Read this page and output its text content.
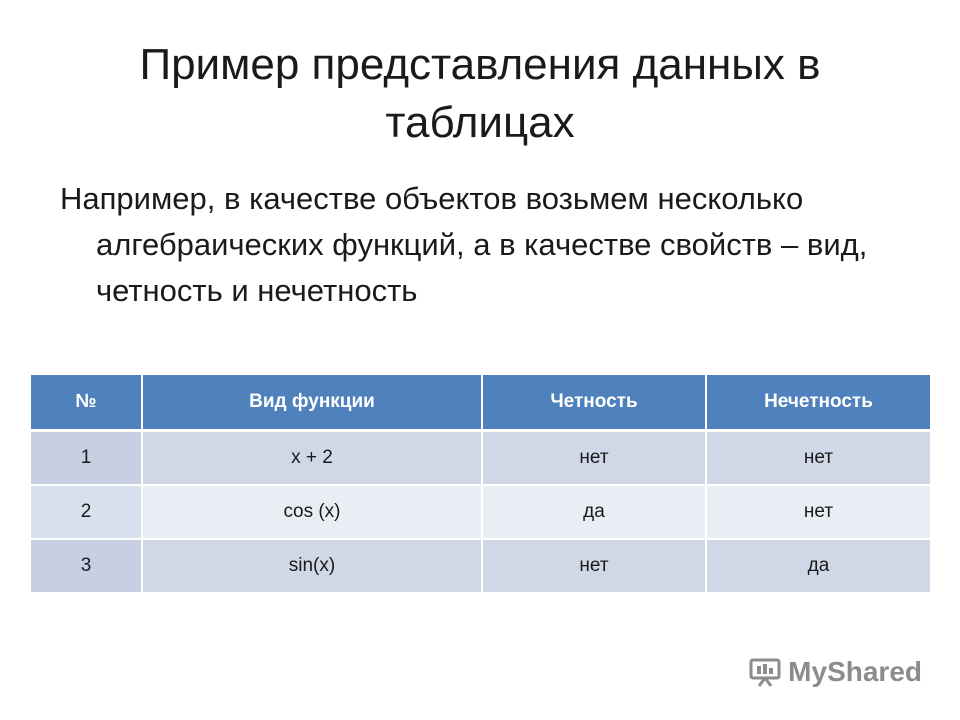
Пример представления данных в таблицах
Например, в качестве объектов возьмем несколько алгебраических функций, а в качестве свойств – вид, четность и нечетность
№	Вид функции	Четность	Нечетность
1	x + 2	нет	нет
2	cos (x)	да	нет
3	sin(x)	нет	да
MyShared
